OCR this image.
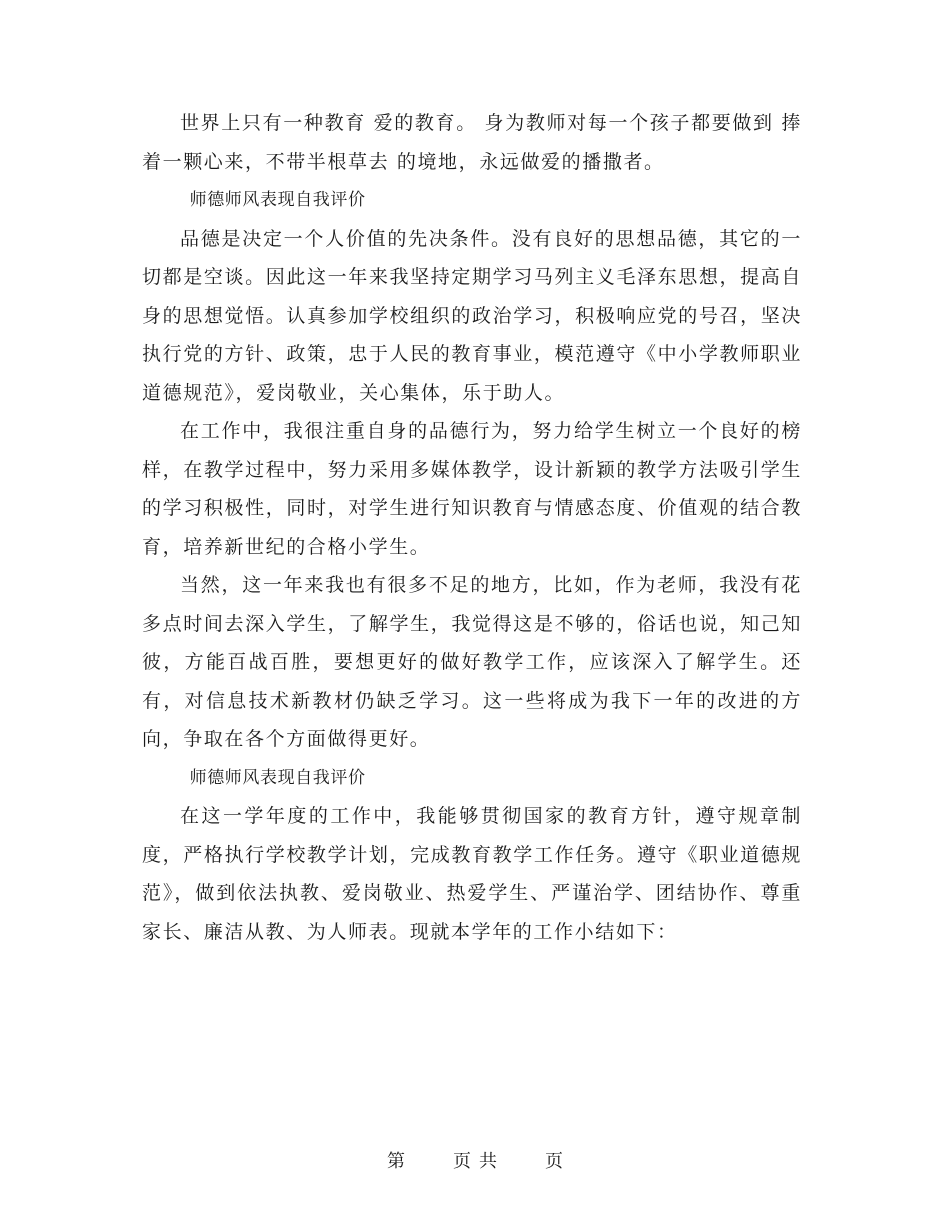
世界上只有一种教育 爱的教育。 身为教师对每一个孩子都要做到 捧着一颗心来，不带半根草去 的境地，永远做爱的播撒者。

师德师风表现自我评价

品德是决定一个人价值的先决条件。没有良好的思想品德，其它的一切都是空谈。因此这一年来我坚持定期学习马列主义毛泽东思想，提高自身的思想觉悟。认真参加学校组织的政治学习，积极响应党的号召，坚决执行党的方针、政策，忠于人民的教育事业，模范遵守《中小学教师职业道德规范》，爱岗敬业，关心集体，乐于助人。

在工作中，我很注重自身的品德行为，努力给学生树立一个良好的榜样，在教学过程中，努力采用多媒体教学，设计新颖的教学方法吸引学生的学习积极性，同时，对学生进行知识教育与情感态度、价值观的结合教育，培养新世纪的合格小学生。

当然，这一年来我也有很多不足的地方，比如，作为老师，我没有花多点时间去深入学生，了解学生，我觉得这是不够的，俗话也说，知己知彼，方能百战百胜，要想更好的做好教学工作，应该深入了解学生。还有，对信息技术新教材仍缺乏学习。这一些将成为我下一年的改进的方向，争取在各个方面做得更好。

师德师风表现自我评价

在这一学年度的工作中，我能够贯彻国家的教育方针，遵守规章制度，严格执行学校教学计划，完成教育教学工作任务。遵守《职业道德规范》，做到依法执教、爱岗敬业、热爱学生、严谨治学、团结协作、尊重家长、廉洁从教、为人师表。现就本学年的工作小结如下：

第	页 共	页
